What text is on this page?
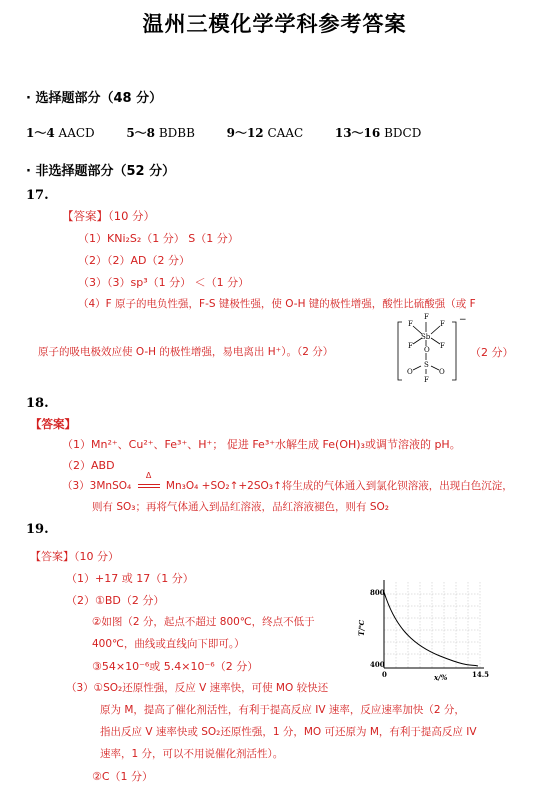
温州三模化学学科参考答案
· 选择题部分（48 分）
1～4 AACD	5～8 BDBB	9～12 CAAC	13～16 BDCD
· 非选择题部分（52 分）
17.
【答案】（10 分）
（1）KNi₂S₂（1 分） S（1 分）
（2）（2）AD（2 分）
（3）（3）sp³（1 分） ＜（1 分）
（4）F 原子的电负性强，F-S 键极性强，使 O-H 键的极性增强，酸性比硫酸强（或 F
原子的吸电极效应使 O-H 的极性增强，易电离出 H⁺）。（2 分）
F
F	F
F	F
Sb
O
S
O	O
F
−
（2 分）
18.
【答案】
（1）Mn²⁺、Cu²⁺、Fe³⁺、H⁺； 促进 Fe³⁺水解生成 Fe(OH)₃或调节溶液的 pH。
（2）ABD
（3）3MnSO₄
Δ
Mn₃O₄ +SO₂↑+2SO₃↑将生成的气体通入到氯化钡溶液，出现白色沉淀，
则有 SO₃；再将气体通入到品红溶液，品红溶液褪色，则有 SO₂
19.
【答案】（10 分）
（1）+17 或 17（1 分）
（2）①BD（2 分）
②如图（2 分，起点不超过 800℃，终点不低于
400℃，曲线或直线向下即可。）
③54×10⁻⁶或 5.4×10⁻⁶（2 分）
（3）①SO₂还原性强，反应 V 速率快，可使 MO 较快还
原为 M，提高了催化剂活性，有利于提高反应 IV 速率，反应速率加快（2 分，
指出反应 V 速率快或 SO₂还原性强，1 分，MO 可还原为 M，有利于提高反应 IV
速率，1 分，可以不用说催化剂活性）。
②C（1 分）
800
400
0	14.5
x/%
T/℃
